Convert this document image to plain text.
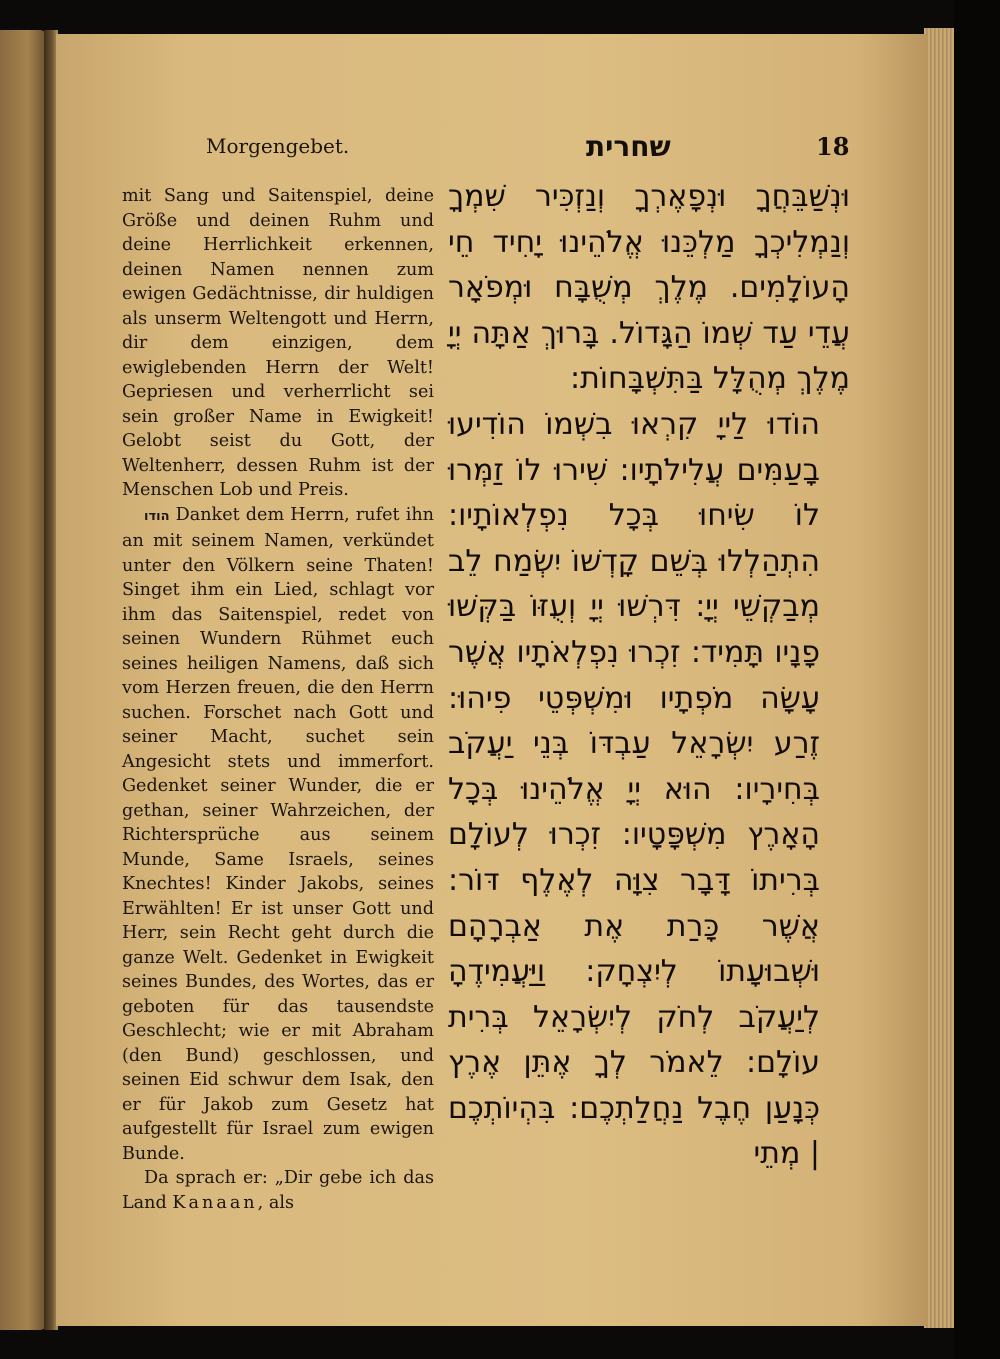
Morgengebet.	שחרית	18

mit Sang und Saitenspiel, deine Größe und deinen Ruhm und deine Herrlichkeit erkennen, deinen Namen nennen zum ewigen Gedächtnisse, dir huldigen als unserm Weltengott und Herrn, dir dem einzigen, dem ewiglebenden Herrn der Welt! Gepriesen und verherrlicht sei sein großer Name in Ewigkeit! Gelobt seist du Gott, der Weltenherr, dessen Ruhm ist der Menschen Lob und Preis.

הודו Danket dem Herrn, rufet ihn an mit seinem Namen, verkündet unter den Völkern seine Thaten! Singet ihm ein Lied, schlagt vor ihm das Saitenspiel, redet von seinen Wundern Rühmet euch seines heiligen Namens, daß sich vom Herzen freuen, die den Herrn suchen. Forschet nach Gott und seiner Macht, suchet sein Angesicht stets und immerfort. Gedenket seiner Wunder, die er gethan, seiner Wahrzeichen, der Richtersprüche aus seinem Munde, Same Israels, seines Knechtes! Kinder Jakobs, seines Erwählten! Er ist unser Gott und Herr, sein Recht geht durch die ganze Welt. Gedenket in Ewigkeit seines Bundes, des Wortes, das er geboten für das tausendste Geschlecht; wie er mit Abraham (den Bund) geschlossen, und seinen Eid schwur dem Isak, den er für Jakob zum Gesetz hat aufgestellt für Israel zum ewigen Bunde.

Da sprach er: „Dir gebe ich das Land Kanaan, als

וּנְשַׁבֵּחֲךָ וּנְפָאֶרְךָ וְנַזְכִּיר שִׁמְךָ וְנַמְלִיכְךָ מַלְכֵּנוּ אֱלֹהֵינוּ יָחִיד חֵי הָעוֹלָמִים. מֶלֶךְ מְשֻׁבָּח וּמְפֹאָר עֲדֵי עַד שְׁמוֹ הַגָּדוֹל. בָּרוּךְ אַתָּה יְיָ מֶלֶךְ מְהֻלָּל בַּתִּשְׁבָּחוֹת:

הוֹדוּ לַייָ קִרְאוּ בִשְׁמוֹ הוֹדִיעוּ בָעַמִּים עֲלִילֹתָיו: שִׁירוּ לוֹ זַמְּרוּ לוֹ שִׂיחוּ בְּכָל נִפְלְאוֹתָיו: הִתְהַלְלוּ בְּשֵׁם קָדְשׁוֹ יִשְׂמַח לֵב מְבַקְשֵׁי יְיָ: דִּרְשׁוּ יְיָ וְעֻזּוֹ בַּקְּשׁוּ פָנָיו תָּמִיד: זִכְרוּ נִפְלְאֹתָיו אֲשֶׁר עָשָׂה מֹפְתָיו וּמִשְׁפְּטֵי פִיהוּ: זֶרַע יִשְׂרָאֵל עַבְדּוֹ בְּנֵי יַעֲקֹב בְּחִירָיו: הוּא יְיָ אֱלֹהֵינוּ בְּכָל הָאָרֶץ מִשְׁפָּטָיו: זִכְרוּ לְעוֹלָם בְּרִיתוֹ דָּבָר צִוָּה לְאֶלֶף דּוֹר: אֲשֶׁר כָּרַת אֶת אַבְרָהָם וּשְׁבוּעָתוֹ לְיִצְחָק: וַיַּעֲמִידֶהָ לְיַעֲקֹב לְחֹק לְיִשְׂרָאֵל בְּרִית עוֹלָם: לֵאמֹר לְךָ אֶתֵּן אֶרֶץ כְּנָעַן חֶבֶל נַחֲלַתְכֶם: בִּהְיוֹתְכֶם | מְתֵי
